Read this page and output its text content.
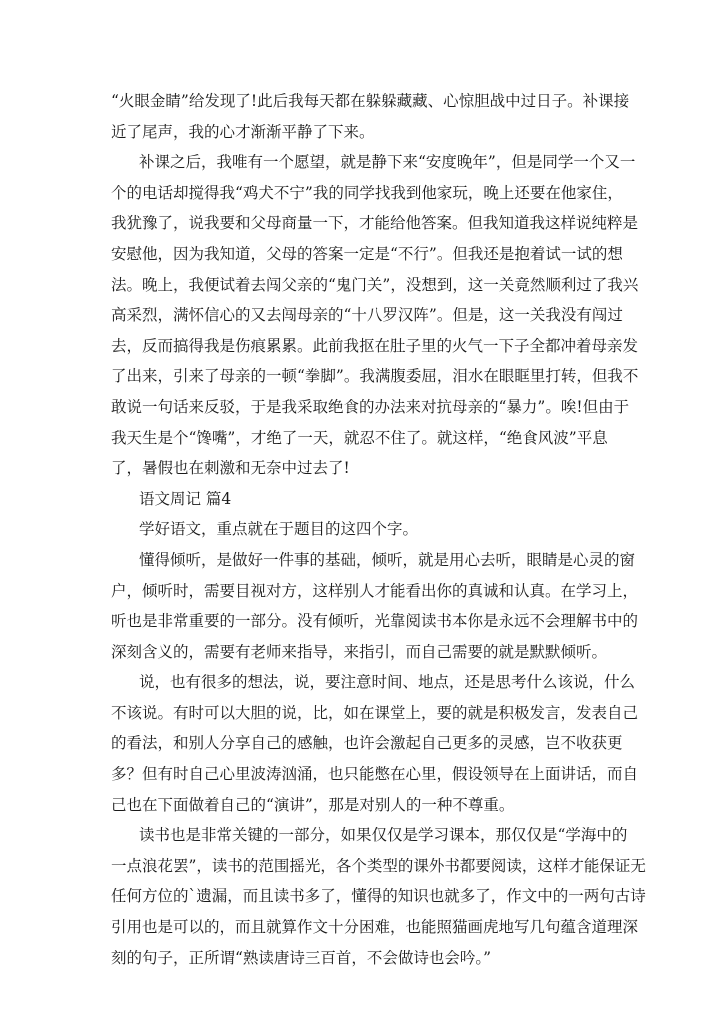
“火眼金睛”给发现了!此后我每天都在躲躲藏藏、心惊胆战中过日子。补课接
近了尾声，我的心才渐渐平静了下来。
补课之后，我唯有一个愿望，就是静下来“安度晚年”，但是同学一个又一
个的电话却搅得我“鸡犬不宁”我的同学找我到他家玩，晚上还要在他家住，
我犹豫了，说我要和父母商量一下，才能给他答案。但我知道我这样说纯粹是
安慰他，因为我知道，父母的答案一定是“不行”。但我还是抱着试一试的想
法。晚上，我便试着去闯父亲的“鬼门关”，没想到，这一关竟然顺利过了我兴
高采烈，满怀信心的又去闯母亲的“十八罗汉阵”。但是，这一关我没有闯过
去，反而搞得我是伤痕累累。此前我抠在肚子里的火气一下子全都冲着母亲发
了出来，引来了母亲的一顿“拳脚”。我满腹委屈，泪水在眼眶里打转，但我不
敢说一句话来反驳，于是我采取绝食的办法来对抗母亲的“暴力”。唉!但由于
我天生是个“馋嘴”，才绝了一天，就忍不住了。就这样，“绝食风波”平息
了，暑假也在刺激和无奈中过去了!
语文周记 篇4
学好语文，重点就在于题目的这四个字。
懂得倾听，是做好一件事的基础，倾听，就是用心去听，眼睛是心灵的窗
户，倾听时，需要目视对方，这样别人才能看出你的真诚和认真。在学习上，
听也是非常重要的一部分。没有倾听，光靠阅读书本你是永远不会理解书中的
深刻含义的，需要有老师来指导，来指引，而自己需要的就是默默倾听。
说，也有很多的想法，说，要注意时间、地点，还是思考什么该说，什么
不该说。有时可以大胆的说，比，如在课堂上，要的就是积极发言，发表自己
的看法，和别人分享自己的感触，也许会激起自己更多的灵感，岂不收获更
多？但有时自己心里波涛汹涌，也只能憋在心里，假设领导在上面讲话，而自
己也在下面做着自己的“演讲”，那是对别人的一种不尊重。
读书也是非常关键的一部分，如果仅仅是学习课本，那仅仅是“学海中的
一点浪花罢”，读书的范围摇光，各个类型的课外书都要阅读，这样才能保证无
任何方位的`遗漏，而且读书多了，懂得的知识也就多了，作文中的一两句古诗
引用也是可以的，而且就算作文十分困难，也能照猫画虎地写几句蕴含道理深
刻的句子，正所谓“熟读唐诗三百首，不会做诗也会吟。”
